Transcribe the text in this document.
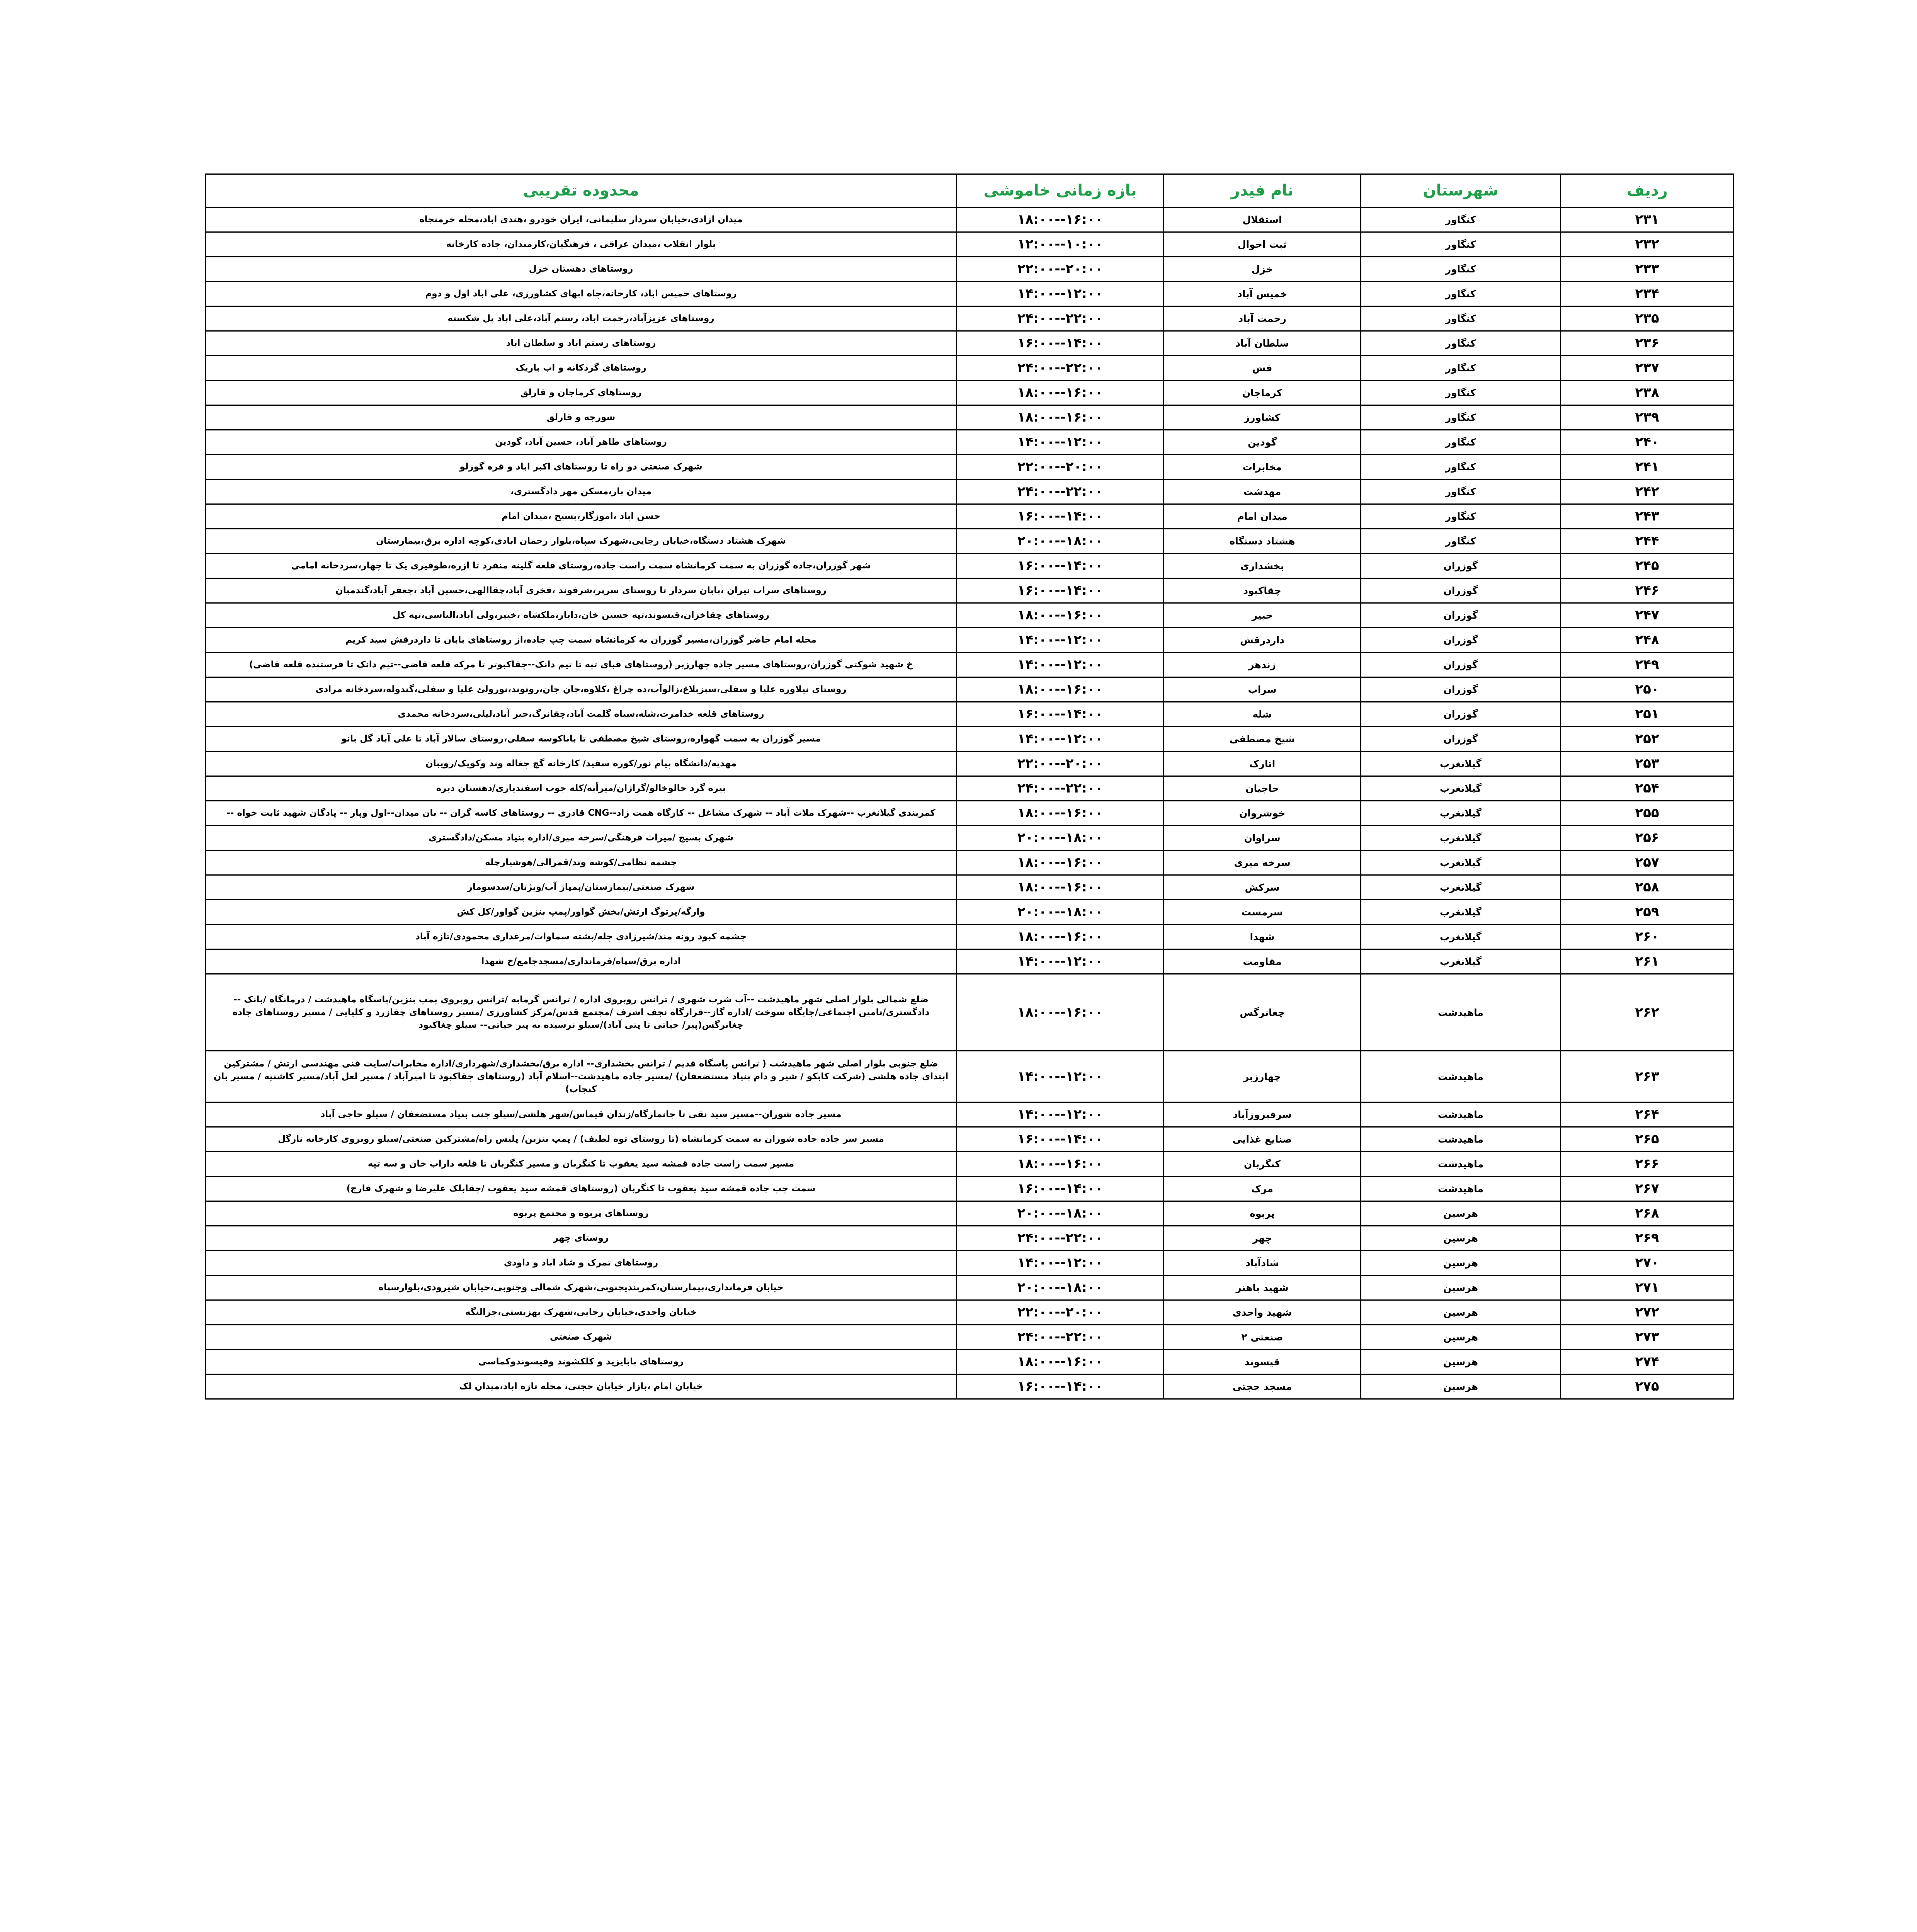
ردیف	شهرستان	نام فیدر	بازه زمانی خاموشی	محدوده تقریبی
۲۳۱	کنگاور	استقلال	۱۶:۰۰--۱۸:۰۰	میدان ازادی،خیابان سردار سلیمانی، ایران خودرو ،هندی اباد،محله خرمنجاه
۲۳۲	کنگاور	ثبت احوال	۱۰:۰۰--۱۲:۰۰	بلوار انقلاب ،میدان عراقی ، فرهنگیان،کارمندان، جاده کارخانه
۲۳۳	کنگاور	خزل	۲۰:۰۰--۲۲:۰۰	روستاهای دهستان خزل
۲۳۴	کنگاور	خمیس آباد	۱۲:۰۰--۱۴:۰۰	روستاهای خمیس اباد، کارخانه،چاه ابهای کشاورزی، علی اباد اول و دوم
۲۳۵	کنگاور	رحمت آباد	۲۲:۰۰--۲۴:۰۰	روستاهای عزیزآباد،رحمت اباد، رستم آباد،علی اباد پل شکسته
۲۳۶	کنگاور	سلطان آباد	۱۴:۰۰--۱۶:۰۰	روستاهای رستم اباد و سلطان اباد
۲۳۷	کنگاور	فش	۲۲:۰۰--۲۴:۰۰	روستاهای گردکانه و اب باریک
۲۳۸	کنگاور	کرماجان	۱۶:۰۰--۱۸:۰۰	روستاهای کرماجان و قارلق
۲۳۹	کنگاور	کشاورز	۱۶:۰۰--۱۸:۰۰	شورجه و قارلق
۲۴۰	کنگاور	گودین	۱۲:۰۰--۱۴:۰۰	روستاهای طاهر آباد، حسین آباد، گودین
۲۴۱	کنگاور	مخابرات	۲۰:۰۰--۲۲:۰۰	شهرک صنعتی دو راه تا روستاهای اکبر اباد و قره گوزلو
۲۴۲	کنگاور	مهدشت	۲۲:۰۰--۲۴:۰۰	میدان بار،مسکن مهر دادگستری،
۲۴۳	کنگاور	میدان امام	۱۴:۰۰--۱۶:۰۰	حسن اباد ،اموزگار،بسیج ،میدان امام
۲۴۴	کنگاور	هشتاد دستگاه	۱۸:۰۰--۲۰:۰۰	شهرک هشتاد دستگاه،خیابان رجایی،شهرک سپاه،بلوار رحمان ابادی،کوچه اداره برق،بیمارستان
۲۴۵	گوزران	بخشداری	۱۴:۰۰--۱۶:۰۰	شهر گوزران،جاده گوزران به سمت کرمانشاه سمت راست جاده،روستای قلعه گلینه منفرد تا ازره،طوفیری یک تا چهار،سردخانه امامی
۲۴۶	گوزران	چقاکبود	۱۴:۰۰--۱۶:۰۰	روستاهای سراب نیران ،بابان سردار تا روستای سرپر،شرفوند ،فخری آباد،چقاالهی،حسین آباد ،جعفر آباد،گندمبان
۲۴۷	گوزران	خبیر	۱۶:۰۰--۱۸:۰۰	روستاهای چقاخزان،قیسوند،تپه حسین خان،دایار،ملکشاه ،خبیر،ولی آباد،الیاسی،تپه کل
۲۴۸	گوزران	داردرقش	۱۲:۰۰--۱۴:۰۰	محله امام حاضر گوزران،مسیر گوزران به کرمانشاه سمت چپ جاده،از روستاهای بابان تا داردرقش سید کریم
۲۴۹	گوزران	زندهر	۱۲:۰۰--۱۴:۰۰	خ شهید شوکتی گوزران،روستاهای مسیر جاده چهارزبر (روستاهای قبای تپه تا تیم دانک--چقاکبوتر تا مرکه قلعه قاضی--تیم دانک تا فرستنده قلعه قاضی)
۲۵۰	گوزران	سراب	۱۶:۰۰--۱۸:۰۰	روستای نیلاوره علیا و سفلی،سبزبلاغ،زالوآب،ده چراغ ،کلاوه،جان جان،روتوند،نورولئ علیا و سفلی،گندوله،سردخانه مرادی
۲۵۱	گوزران	شله	۱۴:۰۰--۱۶:۰۰	روستاهای قلعه خدامرت،شله،سیاه گلمت آباد،چقانرگ،جبر آباد،لیلی،سردخانه محمدی
۲۵۲	گوزران	شیخ مصطفی	۱۲:۰۰--۱۴:۰۰	مسیر گوزران به سمت گهواره،روستای شیخ مصطفی تا باباکوسه سفلی،روستای سالار آباد تا علی آباد گل بانو
۲۵۳	گیلانغرب	اتارک	۲۰:۰۰--۲۲:۰۰	مهدیه/دانشگاه پیام نور/کوره سفید/ کارخانه گچ چغاله وند وکویک/رویبان
۲۵۴	گیلانغرب	حاجیان	۲۲:۰۰--۲۴:۰۰	بیره گرد حالوخالو/گراژان/میراًبه/کله جوب اسفندیاری/دهستان دیره
۲۵۵	گیلانغرب	خوشروان	۱۶:۰۰--۱۸:۰۰	کمربندی گیلانغرب --شهرک ملات آباد -- شهرک مشاغل -- کارگاه همت زاد--CNG قادری -- روستاهای کاسه گران -- بان میدان--اول وپار -- پادگان شهید ثابت خواه --
۲۵۶	گیلانغرب	سراوان	۱۸:۰۰--۲۰:۰۰	شهرک بسیج /میراث فرهنگی/سرخه میری/اداره بنیاد مسکن/دادگستری
۲۵۷	گیلانغرب	سرخه میری	۱۶:۰۰--۱۸:۰۰	چشمه نظامی/کوشه وند/قمرالی/هوشیارچله
۲۵۸	گیلانغرب	سرکش	۱۶:۰۰--۱۸:۰۰	شهرک صنعتی/بیمارستان/پمپاژ آب/ویژنان/سدسومار
۲۵۹	گیلانغرب	سرمست	۱۸:۰۰--۲۰:۰۰	وارگه/پرتوگ ارتش/بخش گواور/پمپ بنزین گواور/کل کش
۲۶۰	گیلانغرب	شهدا	۱۶:۰۰--۱۸:۰۰	چشمه کبود رونه مند/شیرزادی چله/پشته سماوات/مرغداری محمودی/تازه آباد
۲۶۱	گیلانغرب	مقاومت	۱۲:۰۰--۱۴:۰۰	اداره برق/سپاه/فرمانداری/مسجدجامع/خ شهدا
۲۶۲	ماهیدشت	چغانرگس	۱۶:۰۰--۱۸:۰۰	ضلع شمالی بلوار اصلی شهر ماهیدشت --آب شرب شهری / ترانس روبروی اداره / ترانس گرمابه /ترانس روبروی پمپ بنزین/پاسگاه ماهیدشت / درمانگاه /بانک -- دادگستری/تامین اجتماعی/جایگاه سوخت /اداره گاز--قرارگاه نجف اشرف /مجتمع قدس/مرکز کشاورزی /مسیر روستاهای چقازرد و کلیایی / مسیر روستاهای جاده چغانرگس(پیر/ حیاتی تا پتی آباد)/سیلو نرسیده به پیر حیاتی-- سیلو چغاکبود
۲۶۳	ماهیدشت	چهارزبر	۱۲:۰۰--۱۴:۰۰	ضلع جنوبی بلوار اصلی شهر ماهیدشت ( ترانس پاسگاه قدیم / ترانس بخشداری-- اداره برق/بخشداری/شهرداری/اداره مخابرات/سایت فنی مهندسی ارتش / مشترکین ابتدای جاده هلشی (شرکت کابکو / شیر و دام بنیاد مستضعفان) /مسیر جاده ماهیدشت--اسلام آباد (روستاهای چقاکبود تا امیرآباد / مسیر لعل آباد/مسیر کاشنیه / مسیر بان کنجاب)
۲۶۴	ماهیدشت	سرفیروزآباد	۱۲:۰۰--۱۴:۰۰	مسیر جاده شوران--مسیر سید نقی تا جانمارگاه/زندان قیماس/شهر هلشی/سیلو جنب بنیاد مستضعفان / سیلو حاجی آباد
۲۶۵	ماهیدشت	صنایع غذایی	۱۴:۰۰--۱۶:۰۰	مسیر سر جاده جاده شوران به سمت کرمانشاه (تا روستای توه لطیف) / پمپ بنزین/ پلیس راه/مشترکین صنعتی/سیلو روبروی کارخانه نازگل
۲۶۶	ماهیدشت	کنگربان	۱۶:۰۰--۱۸:۰۰	مسیر سمت راست جاده قمشه سید یعقوب تا کنگربان و مسیر کنگربان تا قلعه داراب خان و سه تپه
۲۶۷	ماهیدشت	مرک	۱۴:۰۰--۱۶:۰۰	سمت چپ جاده قمشه سید یعقوب تا کنگربان (روستاهای قمشه سید یعقوب /چقابلک علیرضا و شهرک فارج)
۲۶۸	هرسین	پربوه	۱۸:۰۰--۲۰:۰۰	روستاهای پربوه و مجتمع پربوه
۲۶۹	هرسین	چهر	۲۲:۰۰--۲۴:۰۰	روستای چهر
۲۷۰	هرسین	شادآباد	۱۲:۰۰--۱۴:۰۰	روستاهای تمرک و شاد اباد و داودی
۲۷۱	هرسین	شهید باهنر	۱۸:۰۰--۲۰:۰۰	خیابان فرمانداری،بیمارستان،کمربندیجنوبی،شهرک شمالی وجنوبی،خیابان شیرودی،بلوارسپاه
۲۷۲	هرسین	شهید واحدی	۲۰:۰۰--۲۲:۰۰	خیابان واحدی،خیابان رجایی،شهرک بهزیستی،جرالنگه
۲۷۳	هرسین	صنعتی ۲	۲۲:۰۰--۲۴:۰۰	شهرک صنعتی
۲۷۴	هرسین	قیسوند	۱۶:۰۰--۱۸:۰۰	روستاهای بابایزید و کلکشوند وقیسوندوکماسی
۲۷۵	هرسین	مسجد حجتی	۱۴:۰۰--۱۶:۰۰	خیابان امام ،بازار خیابان حجتی، محله تازه اباد،میدان لک
